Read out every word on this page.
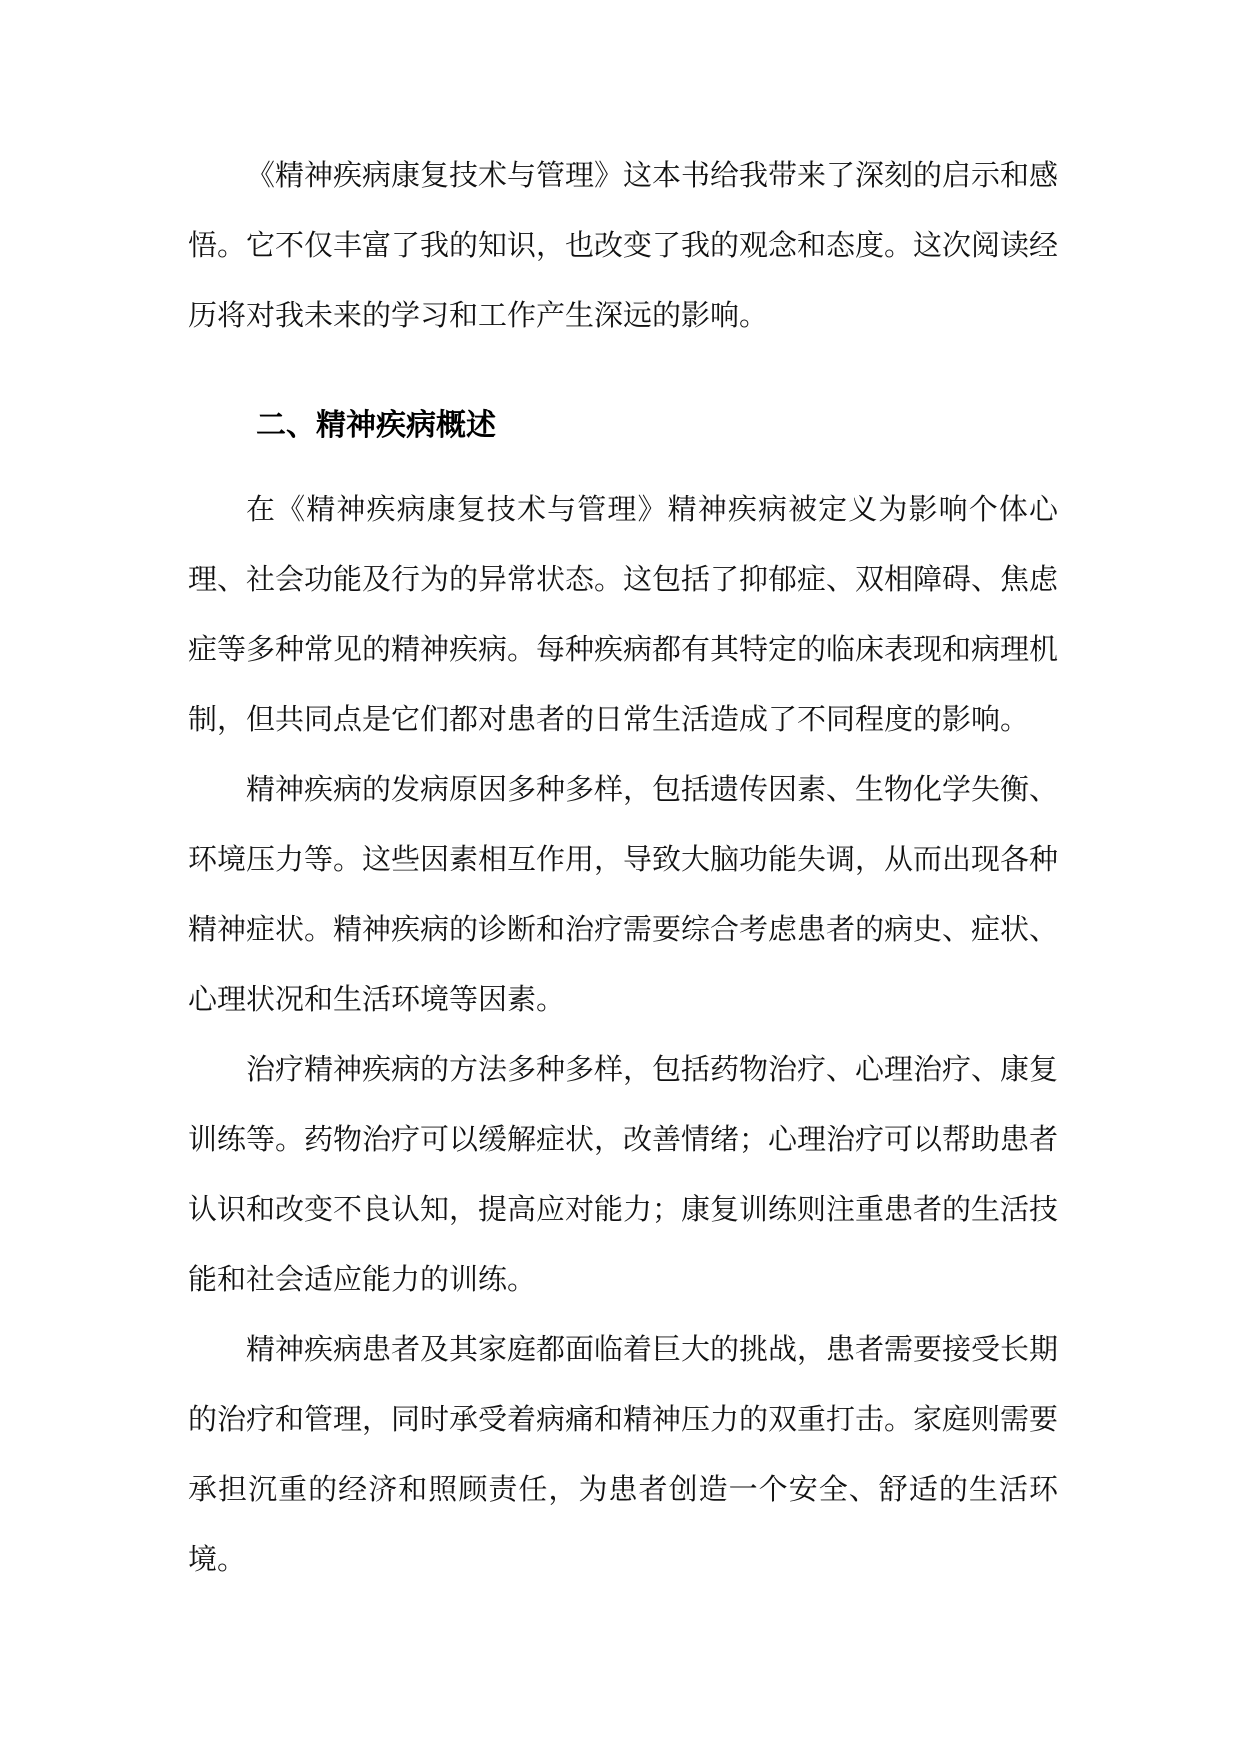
《精神疾病康复技术与管理》这本书给我带来了深刻的启示和感悟。它不仅丰富了我的知识，也改变了我的观念和态度。这次阅读经历将对我未来的学习和工作产生深远的影响。

二、精神疾病概述

在《精神疾病康复技术与管理》精神疾病被定义为影响个体心理、社会功能及行为的异常状态。这包括了抑郁症、双相障碍、焦虑症等多种常见的精神疾病。每种疾病都有其特定的临床表现和病理机制，但共同点是它们都对患者的日常生活造成了不同程度的影响。

精神疾病的发病原因多种多样，包括遗传因素、生物化学失衡、环境压力等。这些因素相互作用，导致大脑功能失调，从而出现各种精神症状。精神疾病的诊断和治疗需要综合考虑患者的病史、症状、心理状况和生活环境等因素。

治疗精神疾病的方法多种多样，包括药物治疗、心理治疗、康复训练等。药物治疗可以缓解症状，改善情绪；心理治疗可以帮助患者认识和改变不良认知，提高应对能力；康复训练则注重患者的生活技能和社会适应能力的训练。

精神疾病患者及其家庭都面临着巨大的挑战，患者需要接受长期的治疗和管理，同时承受着病痛和精神压力的双重打击。家庭则需要承担沉重的经济和照顾责任，为患者创造一个安全、舒适的生活环境。
